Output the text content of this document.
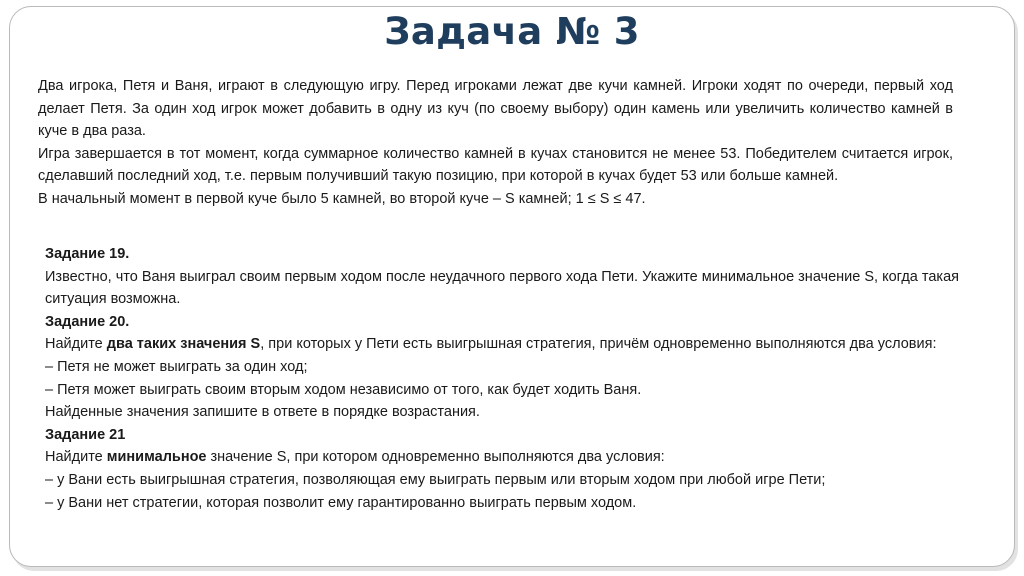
Задача № 3

Два игрока, Петя и Ваня, играют в следующую игру. Перед игроками лежат две кучи камней. Игроки ходят по очереди, первый ход делает Петя. За один ход игрок может добавить в одну из куч (по своему выбору) один камень или увеличить количество камней в куче в два раза.

Игра завершается в тот момент, когда суммарное количество камней в кучах становится не менее 53. Победителем считается игрок, сделавший последний ход, т.е. первым получивший такую позицию, при которой в кучах будет 53 или больше камней.

В начальный момент в первой куче было 5 камней, во второй куче – S камней; 1 ≤ S ≤ 47.

Задание 19.

Известно, что Ваня выиграл своим первым ходом после неудачного первого хода Пети. Укажите минимальное значение S, когда такая ситуация возможна.

Задание 20.

Найдите два таких значения S, при которых у Пети есть выигрышная стратегия, причём одновременно выполняются два условия:

– Петя не может выиграть за один ход;

– Петя может выиграть своим вторым ходом независимо от того, как будет ходить Ваня.

Найденные значения запишите в ответе в порядке возрастания.

Задание 21

Найдите минимальное значение S, при котором одновременно выполняются два условия:

– у Вани есть выигрышная стратегия, позволяющая ему выиграть первым или вторым ходом при любой игре Пети;

– у Вани нет стратегии, которая позволит ему гарантированно выиграть первым ходом.
